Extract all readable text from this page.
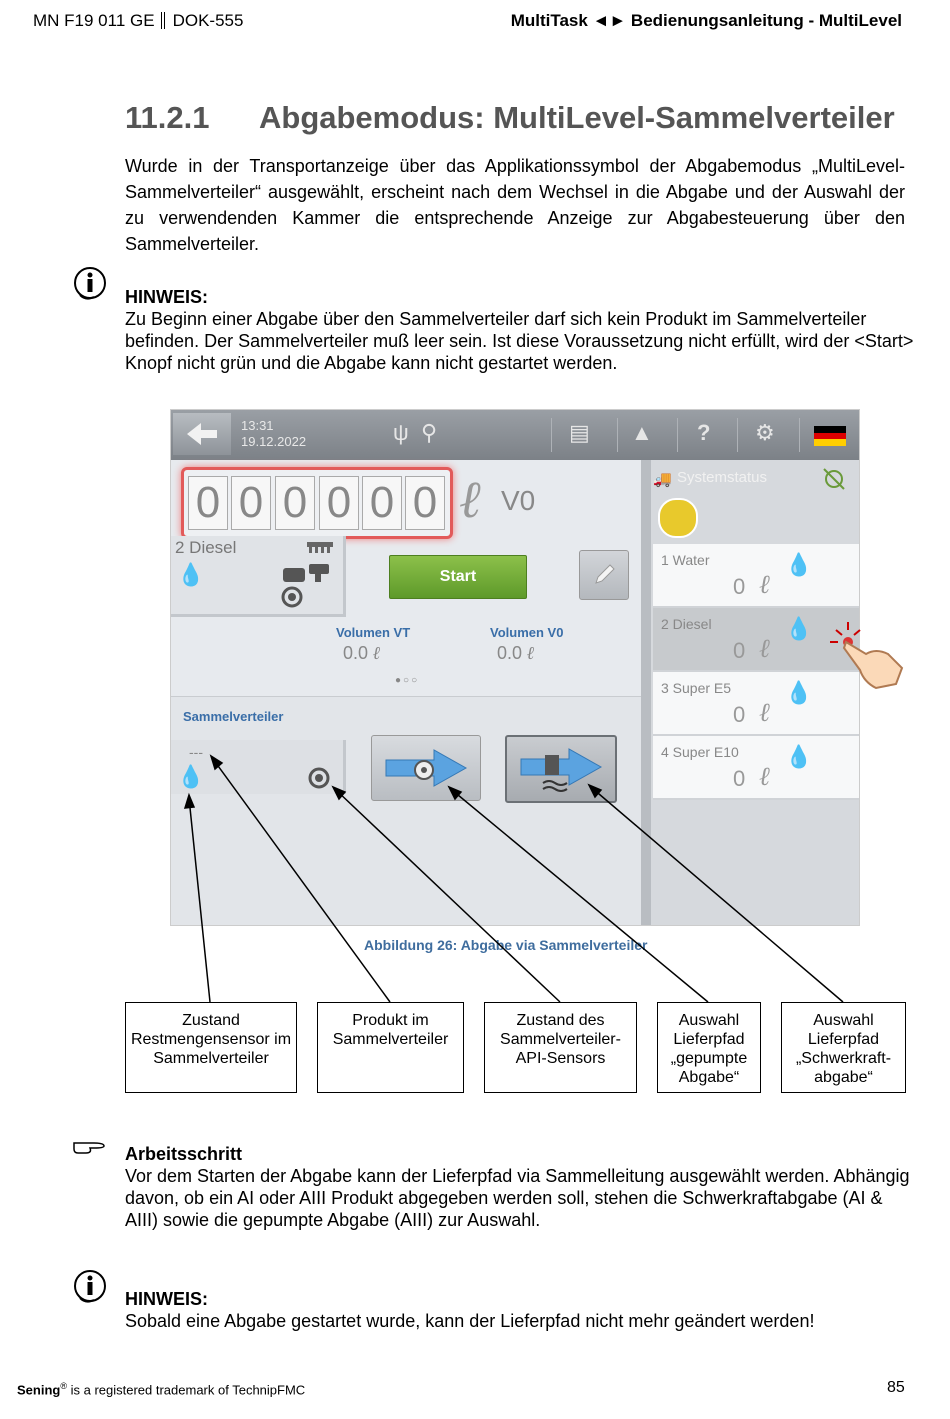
MN F19 011 GE DOK-555	MultiTask ◄► Bedienungsanleitung - MultiLevel
11.2.1 Abgabemodus: MultiLevel-Sammelverteiler
Wurde in der Transportanzeige über das Applikationssymbol der Abgabemodus „MultiLevel-Sammelverteiler“ ausgewählt, erscheint nach dem Wechsel in die Abgabe und der Auswahl der zu verwendenden Kammer die entsprechende Anzeige zur Abgabesteuerung über den Sammelverteiler.
HINWEIS:
Zu Beginn einer Abgabe über den Sammelverteiler darf sich kein Produkt im Sammelverteiler befinden. Der Sammelverteiler muß leer sein. Ist diese Voraussetzung nicht erfüllt, wird der <Start> Knopf nicht grün und die Abgabe kann nicht gestartet werden.
13:31
19.12.2022	ψ ⚲	▤ ▲ ? ⚙
0 0 0 0 0 0 ℓ V0
2 Diesel
💧	Start
Volumen VT
0.0 ℓ
Volumen V0
0.0 ℓ
●○○
Sammelverteiler
---
💧
🚚 Systemstatus
1 Water
0 ℓ
💧
2 Diesel
0 ℓ
💧
3 Super E5
0 ℓ
💧
4 Super E10
0 ℓ
💧
Abbildung 26: Abgabe via Sammelverteiler
Zustand Restmengensensor im Sammelverteiler
Produkt im Sammelverteiler
Zustand des Sammelverteiler-API-Sensors
Auswahl Lieferpfad „gepumpte Abgabe“
Auswahl Lieferpfad „Schwerkraft-abgabe“
Arbeitsschritt
Vor dem Starten der Abgabe kann der Lieferpfad via Sammelleitung ausgewählt werden. Abhängig davon, ob ein AI oder AIII Produkt abgegeben werden soll, stehen die Schwerkraftabgabe (AI & AIII) sowie die gepumpte Abgabe (AIII) zur Auswahl.
HINWEIS:
Sobald eine Abgabe gestartet wurde, kann der Lieferpfad nicht mehr geändert werden!
Sening® is a registered trademark of TechnipFMC	85
